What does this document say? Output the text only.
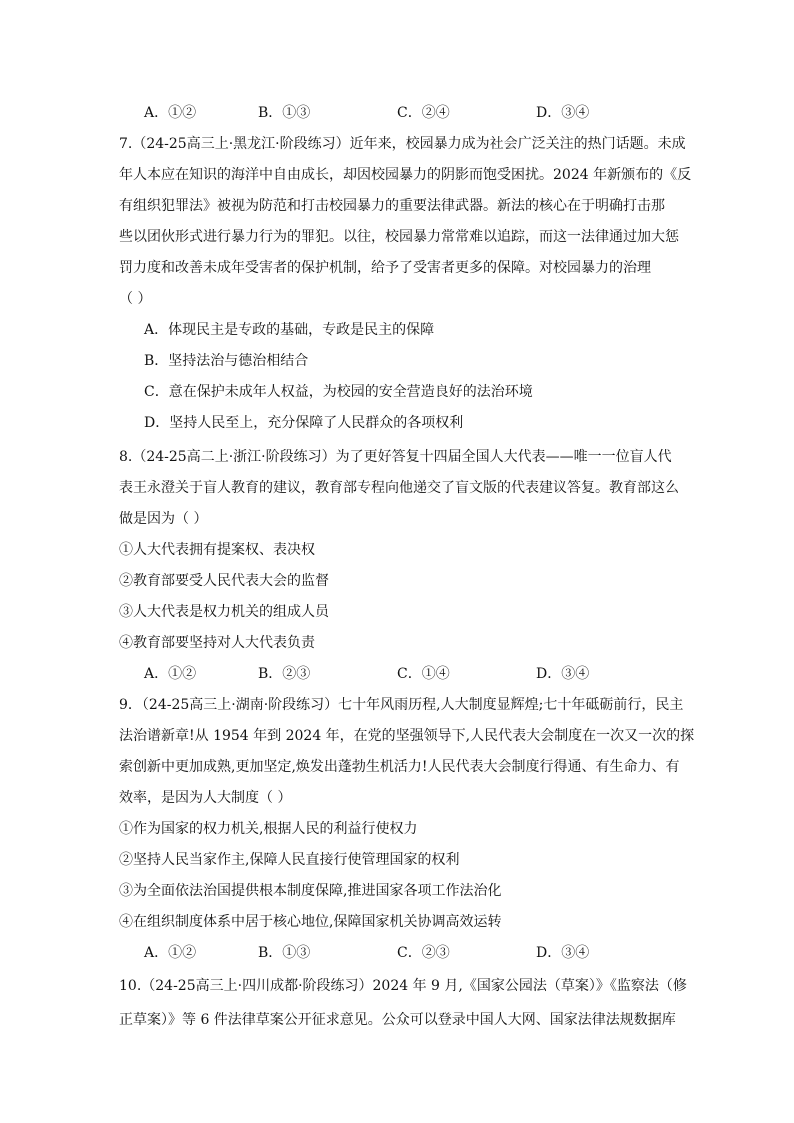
A．①②	B．①③	C．②④	D．③④
7.（24-25高三上·黑龙江·阶段练习）近年来，校园暴力成为社会广泛关注的热门话题。未成
年人本应在知识的海洋中自由成长，却因校园暴力的阴影而饱受困扰。2024 年新颁布的《反
有组织犯罪法》被视为防范和打击校园暴力的重要法律武器。新法的核心在于明确打击那
些以团伙形式进行暴力行为的罪犯。以往，校园暴力常常难以追踪，而这一法律通过加大惩
罚力度和改善未成年受害者的保护机制，给予了受害者更多的保障。对校园暴力的治理
（ ）
A．体现民主是专政的基础，专政是民主的保障
B．坚持法治与德治相结合
C．意在保护未成年人权益，为校园的安全营造良好的法治环境
D．坚持人民至上，充分保障了人民群众的各项权利
8.（24-25高二上·浙江·阶段练习）为了更好答复十四届全国人大代表——唯一一位盲人代
表王永澄关于盲人教育的建议，教育部专程向他递交了盲文版的代表建议答复。教育部这么
做是因为（ ）
①人大代表拥有提案权、表决权
②教育部要受人民代表大会的监督
③人大代表是权力机关的组成人员
④教育部要坚持对人大代表负责
A．①②	B．②③	C．①④	D．③④
9．（24-25高三上·湖南·阶段练习）七十年风雨历程,人大制度显辉煌;七十年砥砺前行，民主
法治谱新章!从 1954 年到 2024 年，在党的坚强领导下,人民代表大会制度在一次又一次的探
索创新中更加成熟,更加坚定,焕发出蓬勃生机活力!人民代表大会制度行得通、有生命力、有
效率，是因为人大制度（ ）
①作为国家的权力机关,根据人民的利益行使权力
②坚持人民当家作主,保障人民直接行使管理国家的权利
③为全面依法治国提供根本制度保障,推进国家各项工作法治化
④在组织制度体系中居于核心地位,保障国家机关协调高效运转
A．①②	B．①③	C．②③	D．③④
10.（24-25高三上·四川成都·阶段练习）2024 年 9 月,《国家公园法（草案）》《监察法（修
正草案）》等 6 件法律草案公开征求意见。公众可以登录中国人大网、国家法律法规数据库
